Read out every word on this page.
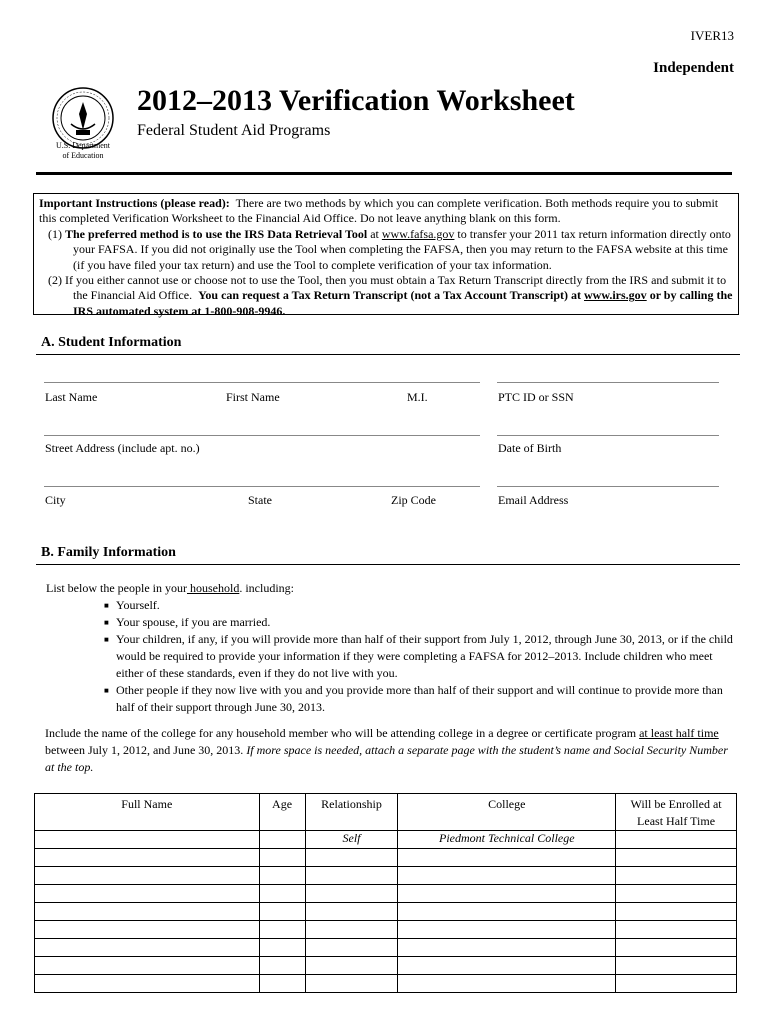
IVER13
Independent
U.S. Department
of Education
2012–2013 Verification Worksheet
Federal Student Aid Programs

Important Instructions (please read): There are two methods by which you can complete verification. Both methods require you to submit this completed Verification Worksheet to the Financial Aid Office. Do not leave anything blank on this form.

(1) The preferred method is to use the IRS Data Retrieval Tool at www.fafsa.gov to transfer your 2011 tax return information directly onto your FAFSA. If you did not originally use the Tool when completing the FAFSA, then you may return to the FAFSA website at this time (if you have filed your tax return) and use the Tool to complete verification of your tax information.

(2) If you either cannot use or choose not to use the Tool, then you must obtain a Tax Return Transcript directly from the IRS and submit it to the Financial Aid Office. You can request a Tax Return Transcript (not a Tax Account Transcript) at www.irs.gov or by calling the IRS automated system at 1-800-908-9946.

A. Student Information
Last Name	First Name	M.I.	PTC ID or SSN
Street Address (include apt. no.)	Date of Birth
City	State	Zip Code	Email Address
B. Family Information
List below the people in your household. including:
■ Yourself.
■ Your spouse, if you are married.
■ Your children, if any, if you will provide more than half of their support from July 1, 2012, through June 30, 2013, or if the child would be required to provide your information if they were completing a FAFSA for 2012–2013. Include children who meet either of these standards, even if they do not live with you.
■ Other people if they now live with you and you provide more than half of their support and will continue to provide more than half of their support through June 30, 2013.
Include the name of the college for any household member who will be attending college in a degree or certificate program at least half time between July 1, 2012, and June 30, 2013. If more space is needed, attach a separate page with the student’s name and Social Security Number at the top.
Full Name	Age	Relationship	College	Will be Enrolled at Least Half Time
		Self	Piedmont Technical College	
